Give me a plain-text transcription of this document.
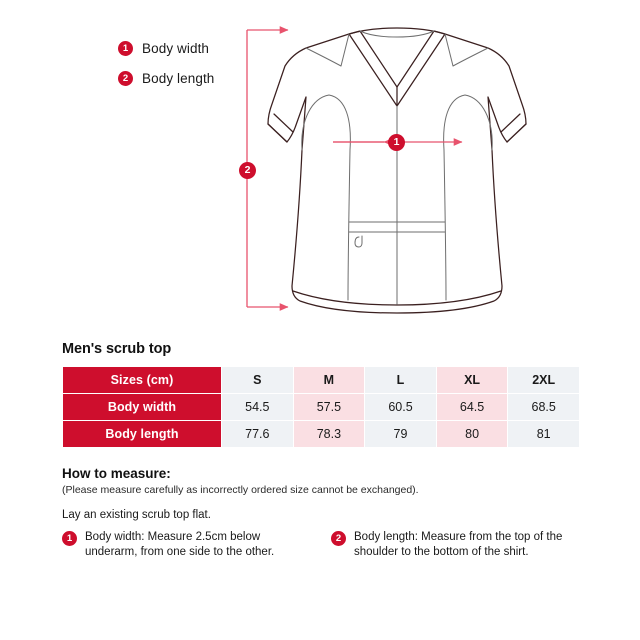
1	Body width
2	Body length
1
2
Men's scrub top
Sizes (cm)	S	M	L	XL	2XL
Body width	54.5	57.5	60.5	64.5	68.5
Body length	77.6	78.3	79	80	81
How to measure:
(Please measure carefully as incorrectly ordered size cannot be exchanged).
Lay an existing scrub top flat.
1	Body width: Measure 2.5cm below underarm, from one side to the other.
2	Body length: Measure from the top of the shoulder to the bottom of the shirt.
